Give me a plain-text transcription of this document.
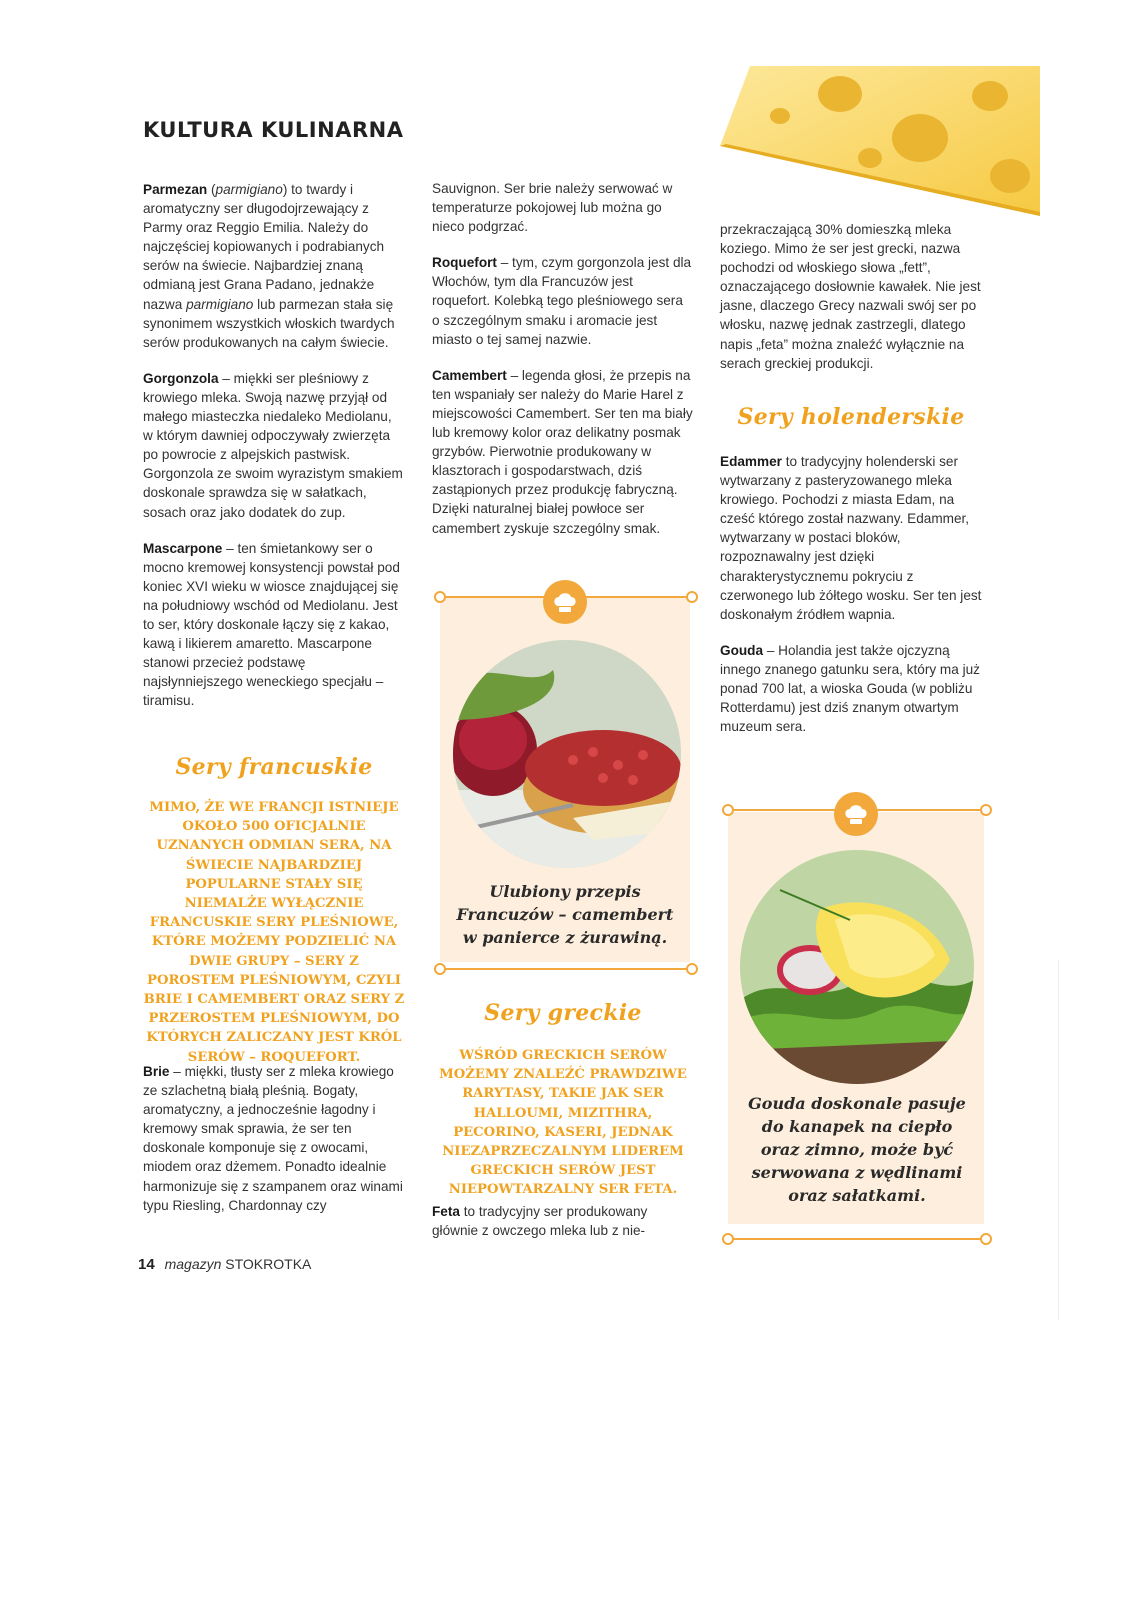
KULTURA KULINARNA

Parmezan (parmigiano) to twardy i aromatyczny ser długodojrzewający z Parmy oraz Reggio Emilia. Należy do najczęściej kopiowanych i podrabianych serów na świecie. Najbardziej znaną odmianą jest Grana Padano, jednakże nazwa parmigiano lub parmezan stała się synonimem wszystkich włoskich twardych serów produkowanych na całym świecie.

Gorgonzola – miękki ser pleśniowy z krowiego mleka. Swoją nazwę przyjął od małego miasteczka niedaleko Mediolanu, w którym dawniej odpoczywały zwierzęta po powrocie z alpejskich pastwisk. Gorgonzola ze swoim wyrazistym smakiem doskonale sprawdza się w sałatkach, sosach oraz jako dodatek do zup.

Mascarpone – ten śmietankowy ser o mocno kremowej konsystencji powstał pod koniec XVI wieku w wiosce znajdującej się na południowy wschód od Mediolanu. Jest to ser, który doskonale łączy się z kakao, kawą i likierem amaretto. Mascarpone stanowi przecież podstawę najsłynniejszego weneckiego specjału – tiramisu.

Sery francuskie

MIMO, ŻE WE FRANCJI ISTNIEJE OKOŁO 500 OFICJALNIE UZNANYCH ODMIAN SERA, NA ŚWIECIE NAJBARDZIEJ POPULARNE STAŁY SIĘ NIEMALŻE WYŁĄCZNIE FRANCUSKIE SERY PLEŚNIOWE, KTÓRE MOŻEMY PODZIELIĆ NA DWIE GRUPY – SERY Z POROSTEM PLEŚNIOWYM, CZYLI BRIE I CAMEMBERT ORAZ SERY Z PRZEROSTEM PLEŚNIOWYM, DO KTÓRYCH ZALICZANY JEST KRÓL SERÓW – ROQUEFORT.

Brie – miękki, tłusty ser z mleka krowiego ze szlachetną białą pleśnią. Bogaty, aromatyczny, a jednocześnie łagodny i kremowy smak sprawia, że ser ten doskonale komponuje się z owocami, miodem oraz dżemem. Ponadto idealnie harmonizuje się z szampanem oraz winami typu Riesling, Chardonnay czy

Sauvignon. Ser brie należy serwować w temperaturze pokojowej lub można go nieco podgrzać.

Roquefort – tym, czym gorgonzola jest dla Włochów, tym dla Francuzów jest roquefort. Kolebką tego pleśniowego sera o szczególnym smaku i aromacie jest miasto o tej samej nazwie.

Camembert – legenda głosi, że przepis na ten wspaniały ser należy do Marie Harel z miejscowości Camembert. Ser ten ma biały lub kremowy kolor oraz delikatny posmak grzybów. Pierwotnie produkowany w klasztorach i gospodarstwach, dziś zastąpionych przez produkcję fabryczną. Dzięki naturalnej białej powłoce ser camembert zyskuje szczególny smak.

Ulubiony przepis Francuzów – camembert w panierce z żurawiną.

Sery greckie

WŚRÓD GRECKICH SERÓW MOŻEMY ZNALEŹĆ PRAWDZIWE RARYTASY, TAKIE JAK SER HALLOUMI, MIZITHRA, PECORINO, KASERI, JEDNAK NIEZAPRZECZALNYM LIDEREM GRECKICH SERÓW JEST NIEPOWTARZALNY SER FETA.

Feta to tradycyjny ser produkowany głównie z owczego mleka lub z nie-

przekraczającą 30% domieszką mleka koziego. Mimo że ser jest grecki, nazwa pochodzi od włoskiego słowa „fett”, oznaczającego dosłownie kawałek. Nie jest jasne, dlaczego Grecy nazwali swój ser po włosku, nazwę jednak zastrzegli, dlatego napis „feta” można znaleźć wyłącznie na serach greckiej produkcji.

Sery holenderskie

Edammer to tradycyjny holenderski ser wytwarzany z pasteryzowanego mleka krowiego. Pochodzi z miasta Edam, na cześć którego został nazwany. Edammer, wytwarzany w postaci bloków, rozpoznawalny jest dzięki charakterystycznemu pokryciu z czerwonego lub żółtego wosku. Ser ten jest doskonałym źródłem wapnia.

Gouda – Holandia jest także ojczyzną innego znanego gatunku sera, który ma już ponad 700 lat, a wioska Gouda (w pobliżu Rotterdamu) jest dziś znanym otwartym muzeum sera.

Gouda doskonale pasuje do kanapek na ciepło oraz zimno, może być serwowana z wędlinami oraz sałatkami.

14 magazyn STOKROTKA
